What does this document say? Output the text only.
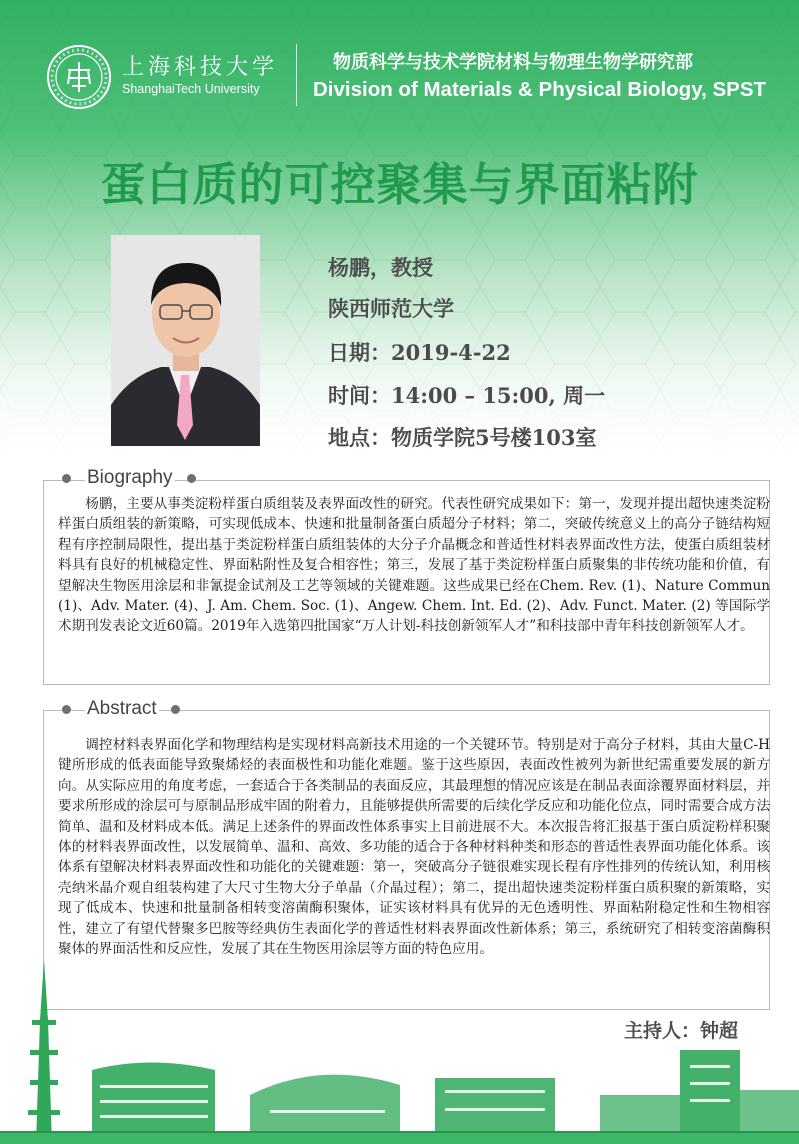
上海科技大学
ShanghaiTech University
物质科学与技术学院材料与物理生物学研究部
Division of Materials & Physical Biology, SPST
蛋白质的可控聚集与界面粘附
杨鹏，教授
陕西师范大学
日期：2019-4-22
时间：14:00 – 15:00, 周一
地点：物质学院5号楼103室
Biography

杨鹏，主要从事类淀粉样蛋白质组装及表界面改性的研究。代表性研究成果如下：第一，发现并提出超快速类淀粉样蛋白质组装的新策略，可实现低成本、快速和批量制备蛋白质超分子材料；第二，突破传统意义上的高分子链结构短程有序控制局限性，提出基于类淀粉样蛋白质组装体的大分子介晶概念和普适性材料表界面改性方法，使蛋白质组装材料具有良好的机械稳定性、界面粘附性及复合相容性；第三，发展了基于类淀粉样蛋白质聚集的非传统功能和价值，有望解决生物医用涂层和非氰提金试剂及工艺等领域的关键难题。这些成果已经在Chem. Rev. (1)、Nature Commun (1)、Adv. Mater. (4)、J. Am. Chem. Soc. (1)、Angew. Chem. Int. Ed. (2)、Adv. Funct. Mater. (2) 等国际学术期刊发表论文近60篇。2019年入选第四批国家“万人计划-科技创新领军人才”和科技部中青年科技创新领军人才。

Abstract

调控材料表界面化学和物理结构是实现材料高新技术用途的一个关键环节。特别是对于高分子材料，其由大量C-H键所形成的低表面能导致聚烯烃的表面极性和功能化难题。鉴于这些原因，表面改性被列为新世纪需重要发展的新方向。从实际应用的角度考虑，一套适合于各类制品的表面反应，其最理想的情况应该是在制品表面涂覆界面材料层，并要求所形成的涂层可与原制品形成牢固的附着力，且能够提供所需要的后续化学反应和功能化位点，同时需要合成方法简单、温和及材料成本低。满足上述条件的界面改性体系事实上目前进展不大。本次报告将汇报基于蛋白质淀粉样积聚体的材料表界面改性，以发展简单、温和、高效、多功能的适合于各种材料种类和形态的普适性表界面功能化体系。该体系有望解决材料表界面改性和功能化的关键难题：第一，突破高分子链很难实现长程有序性排列的传统认知，利用核壳纳米晶介观自组装构建了大尺寸生物大分子单晶（介晶过程）；第二，提出超快速类淀粉样蛋白质积聚的新策略，实现了低成本、快速和批量制备相转变溶菌酶积聚体，证实该材料具有优异的无色透明性、界面粘附稳定性和生物相容性，建立了有望代替聚多巴胺等经典仿生表面化学的普适性材料表界面改性新体系；第三，系统研究了相转变溶菌酶积聚体的界面活性和反应性，发展了其在生物医用涂层等方面的特色应用。

主持人：钟超
